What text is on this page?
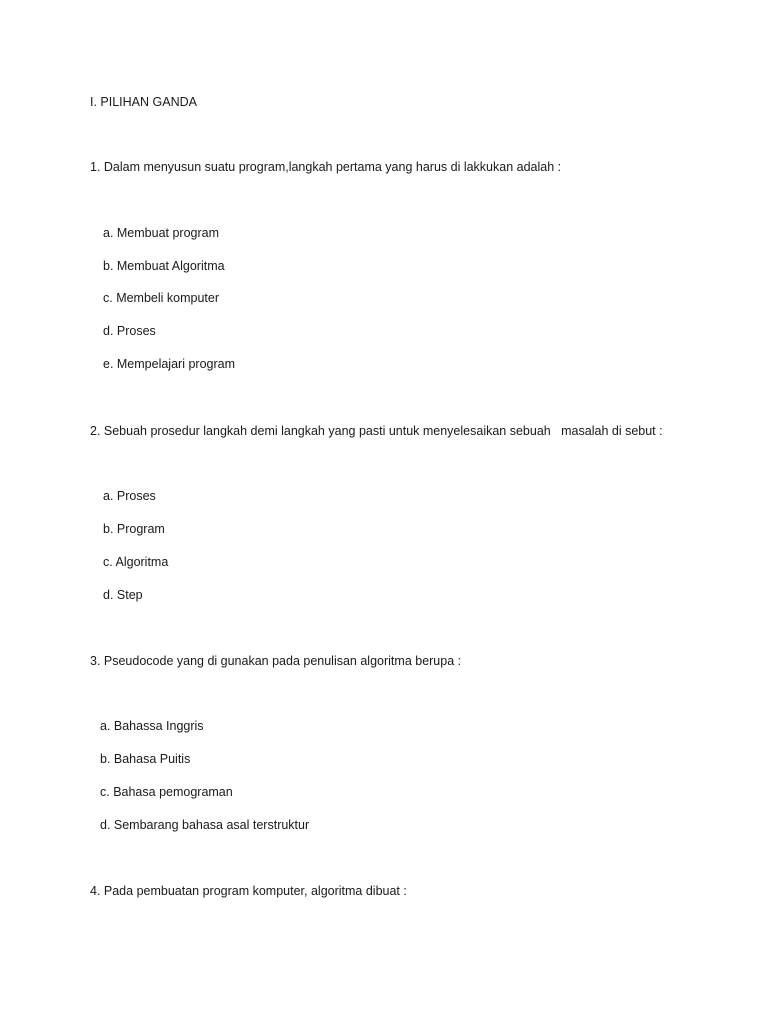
I. PILIHAN GANDA
1. Dalam menyusun suatu program,langkah pertama yang harus di lakkukan adalah :
a. Membuat program
b. Membuat Algoritma
c. Membeli komputer
d. Proses
e. Mempelajari program
2. Sebuah prosedur langkah demi langkah yang pasti untuk menyelesaikan sebuah   masalah di sebut :
a. Proses
b. Program
c. Algoritma
d. Step
3. Pseudocode yang di gunakan pada penulisan algoritma berupa :
a. Bahassa Inggris
b. Bahasa Puitis
c. Bahasa pemograman
d. Sembarang bahasa asal terstruktur
4. Pada pembuatan program komputer, algoritma dibuat :
